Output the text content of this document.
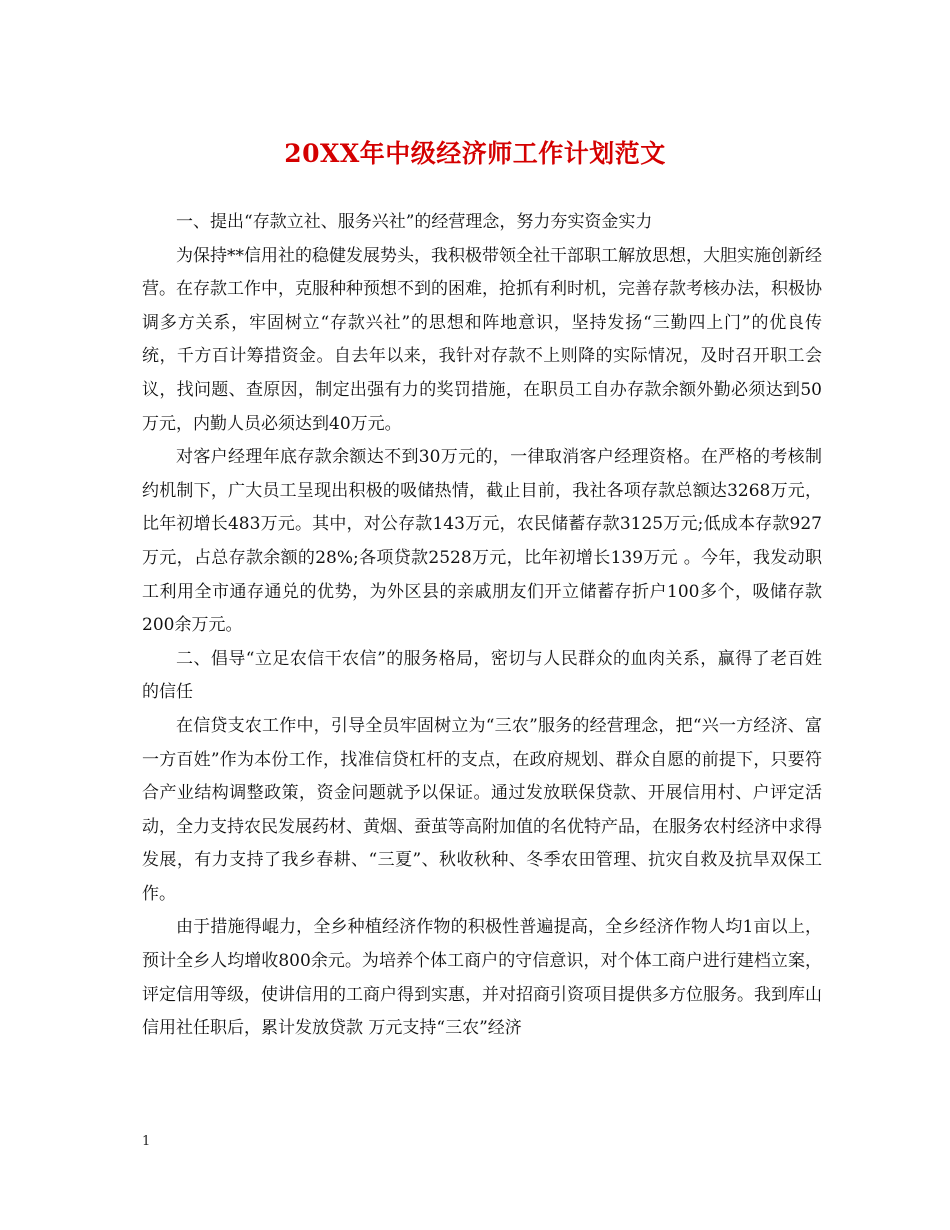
20XX年中级经济师工作计划范文

一、提出“存款立社、服务兴社”的经营理念，努力夯实资金实力

为保持**信用社的稳健发展势头，我积极带领全社干部职工解放思想，大胆实施创新经营。在存款工作中，克服种种预想不到的困难，抢抓有利时机，完善存款考核办法，积极协调多方关系，牢固树立“存款兴社”的思想和阵地意识，坚持发扬“三勤四上门”的优良传统，千方百计筹措资金。自去年以来，我针对存款不上则降的实际情况，及时召开职工会议，找问题、查原因，制定出强有力的奖罚措施，在职员工自办存款余额外勤必须达到50万元，内勤人员必须达到40万元。

对客户经理年底存款余额达不到30万元的，一律取消客户经理资格。在严格的考核制约机制下，广大员工呈现出积极的吸储热情，截止目前，我社各项存款总额达3268万元，比年初增长483万元。其中，对公存款143万元，农民储蓄存款3125万元;低成本存款927万元，占总存款余额的28%;各项贷款2528万元，比年初增长139万元 。今年，我发动职工利用全市通存通兑的优势，为外区县的亲戚朋友们开立储蓄存折户100多个，吸储存款200余万元。

二、倡导“立足农信干农信”的服务格局，密切与人民群众的血肉关系，赢得了老百姓的信任

在信贷支农工作中，引导全员牢固树立为“三农”服务的经营理念，把“兴一方经济、富一方百姓”作为本份工作，找准信贷杠杆的支点，在政府规划、群众自愿的前提下，只要符合产业结构调整政策，资金问题就予以保证。通过发放联保贷款、开展信用村、户评定活动，全力支持农民发展药材、黄烟、蚕茧等高附加值的名优特产品，在服务农村经济中求得发展，有力支持了我乡春耕、“三夏”、秋收秋种、冬季农田管理、抗灾自救及抗旱双保工作。

由于措施得崐力，全乡种植经济作物的积极性普遍提高，全乡经济作物人均1亩以上，预计全乡人均增收800余元。为培养个体工商户的守信意识，对个体工商户进行建档立案，评定信用等级，使讲信用的工商户得到实惠，并对招商引资项目提供多方位服务。我到库山信用社任职后，累计发放贷款 万元支持“三农”经济

1
